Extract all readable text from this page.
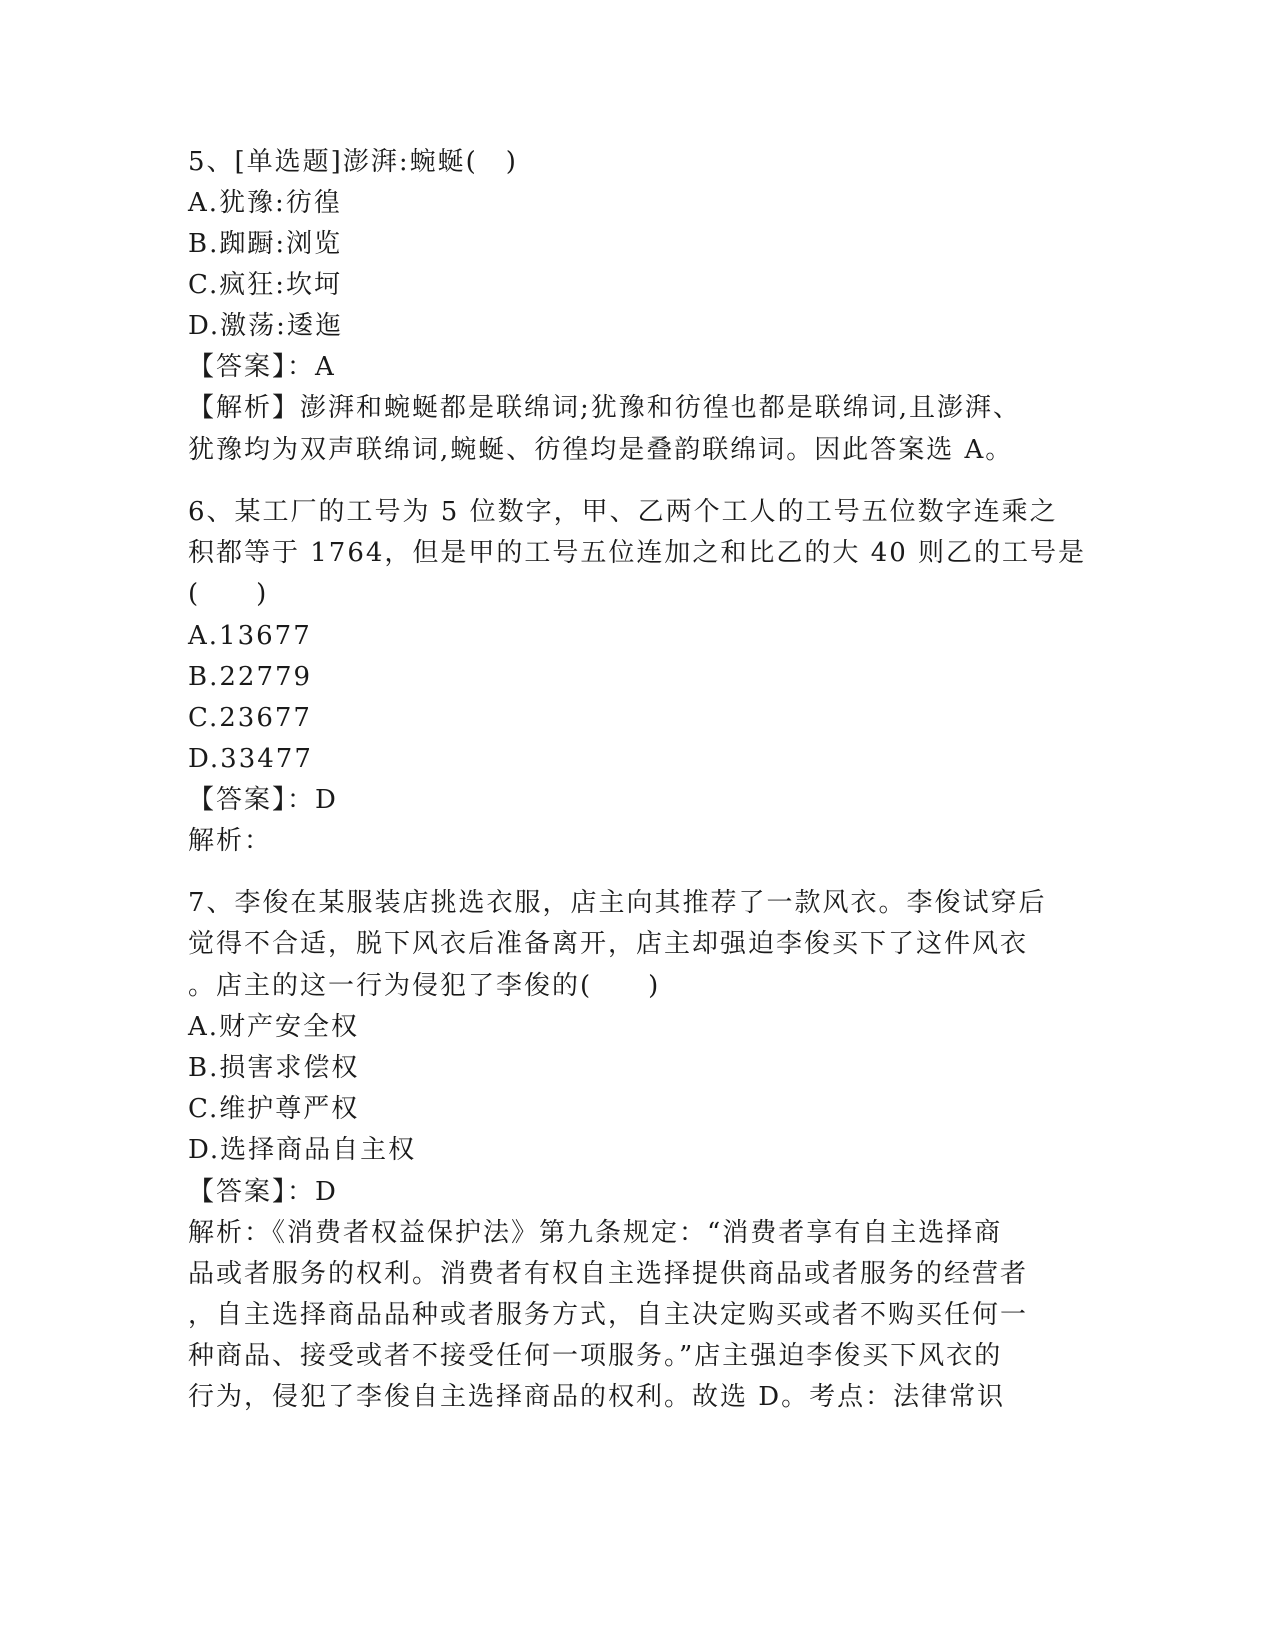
5、[单选题]澎湃:蜿蜒(　)
A.犹豫:彷徨
B.踟蹰:浏览
C.疯狂:坎坷
D.激荡:逶迤
【答案】：A
【解析】澎湃和蜿蜒都是联绵词;犹豫和彷徨也都是联绵词,且澎湃、
犹豫均为双声联绵词,蜿蜒、彷徨均是叠韵联绵词。因此答案选 A。
6、某工厂的工号为 5 位数字，甲、乙两个工人的工号五位数字连乘之
积都等于 1764，但是甲的工号五位连加之和比乙的大 40 则乙的工号是
(　　)
A.13677
B.22779
C.23677
D.33477
【答案】：D
解析：
7、李俊在某服装店挑选衣服，店主向其推荐了一款风衣。李俊试穿后
觉得不合适，脱下风衣后准备离开，店主却强迫李俊买下了这件风衣
。店主的这一行为侵犯了李俊的(　　)
A.财产安全权
B.损害求偿权
C.维护尊严权
D.选择商品自主权
【答案】：D
解析：《消费者权益保护法》第九条规定：“消费者享有自主选择商
品或者服务的权利。消费者有权自主选择提供商品或者服务的经营者
，自主选择商品品种或者服务方式，自主决定购买或者不购买任何一
种商品、接受或者不接受任何一项服务。”店主强迫李俊买下风衣的
行为，侵犯了李俊自主选择商品的权利。故选 D。考点：法律常识
